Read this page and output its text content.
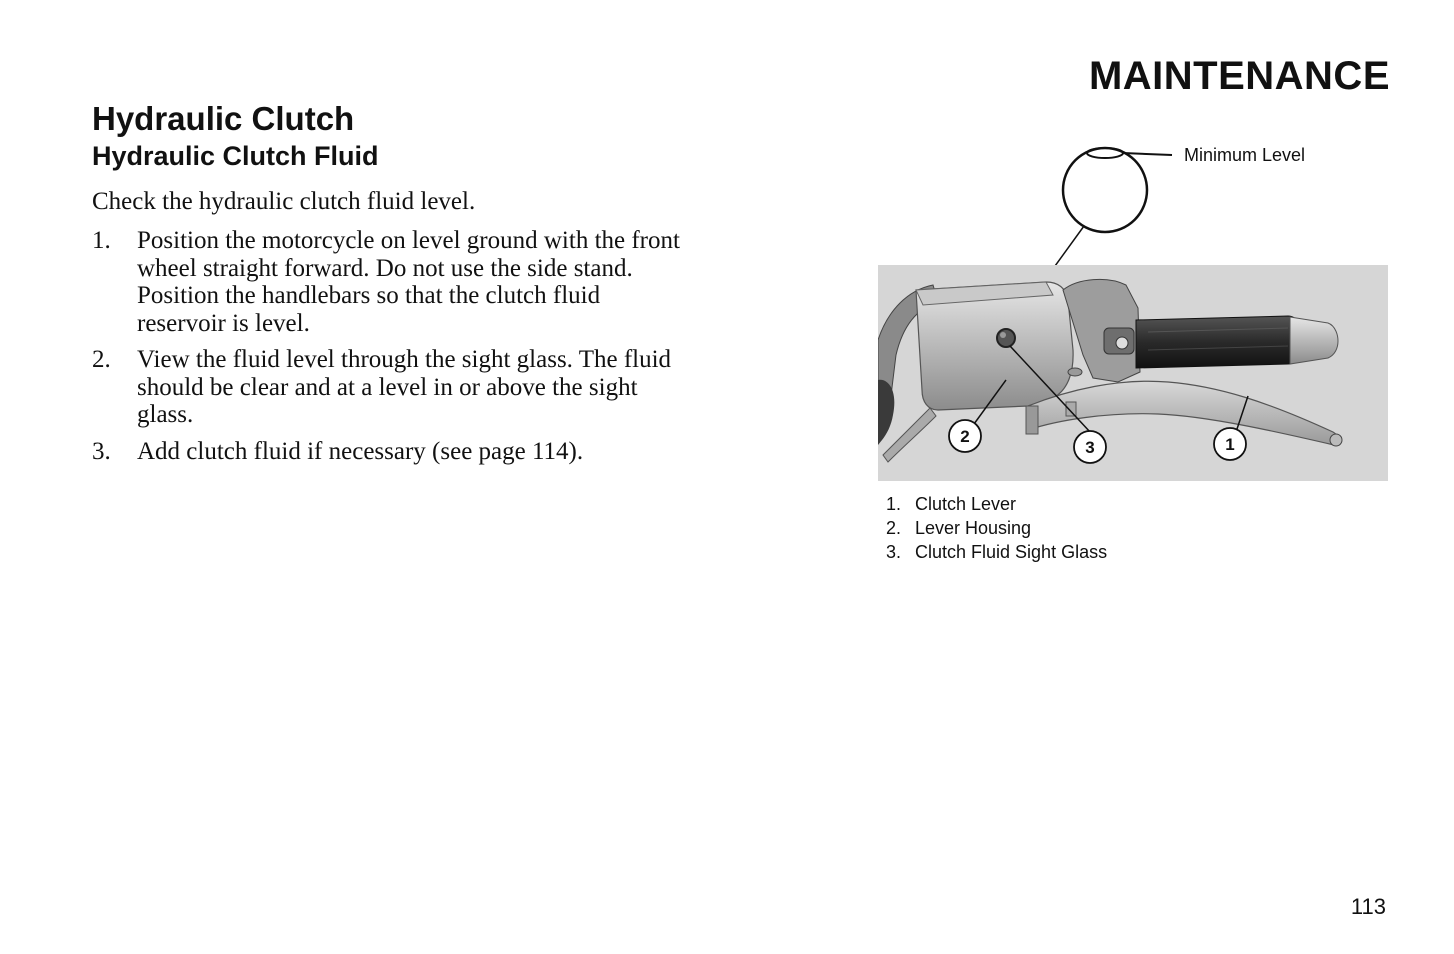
MAINTENANCE
Hydraulic Clutch
Hydraulic Clutch Fluid
Check the hydraulic clutch fluid level.
1. Position the motorcycle on level ground with the front wheel straight forward. Do not use the side stand. Position the handlebars so that the clutch fluid reservoir is level.
2. View the fluid level through the sight glass. The fluid should be clear and at a level in or above the sight glass.
3. Add clutch fluid if necessary (see page 114).
Minimum Level
2
3	1
1. Clutch Lever
2. Lever Housing
3. Clutch Fluid Sight Glass
113
